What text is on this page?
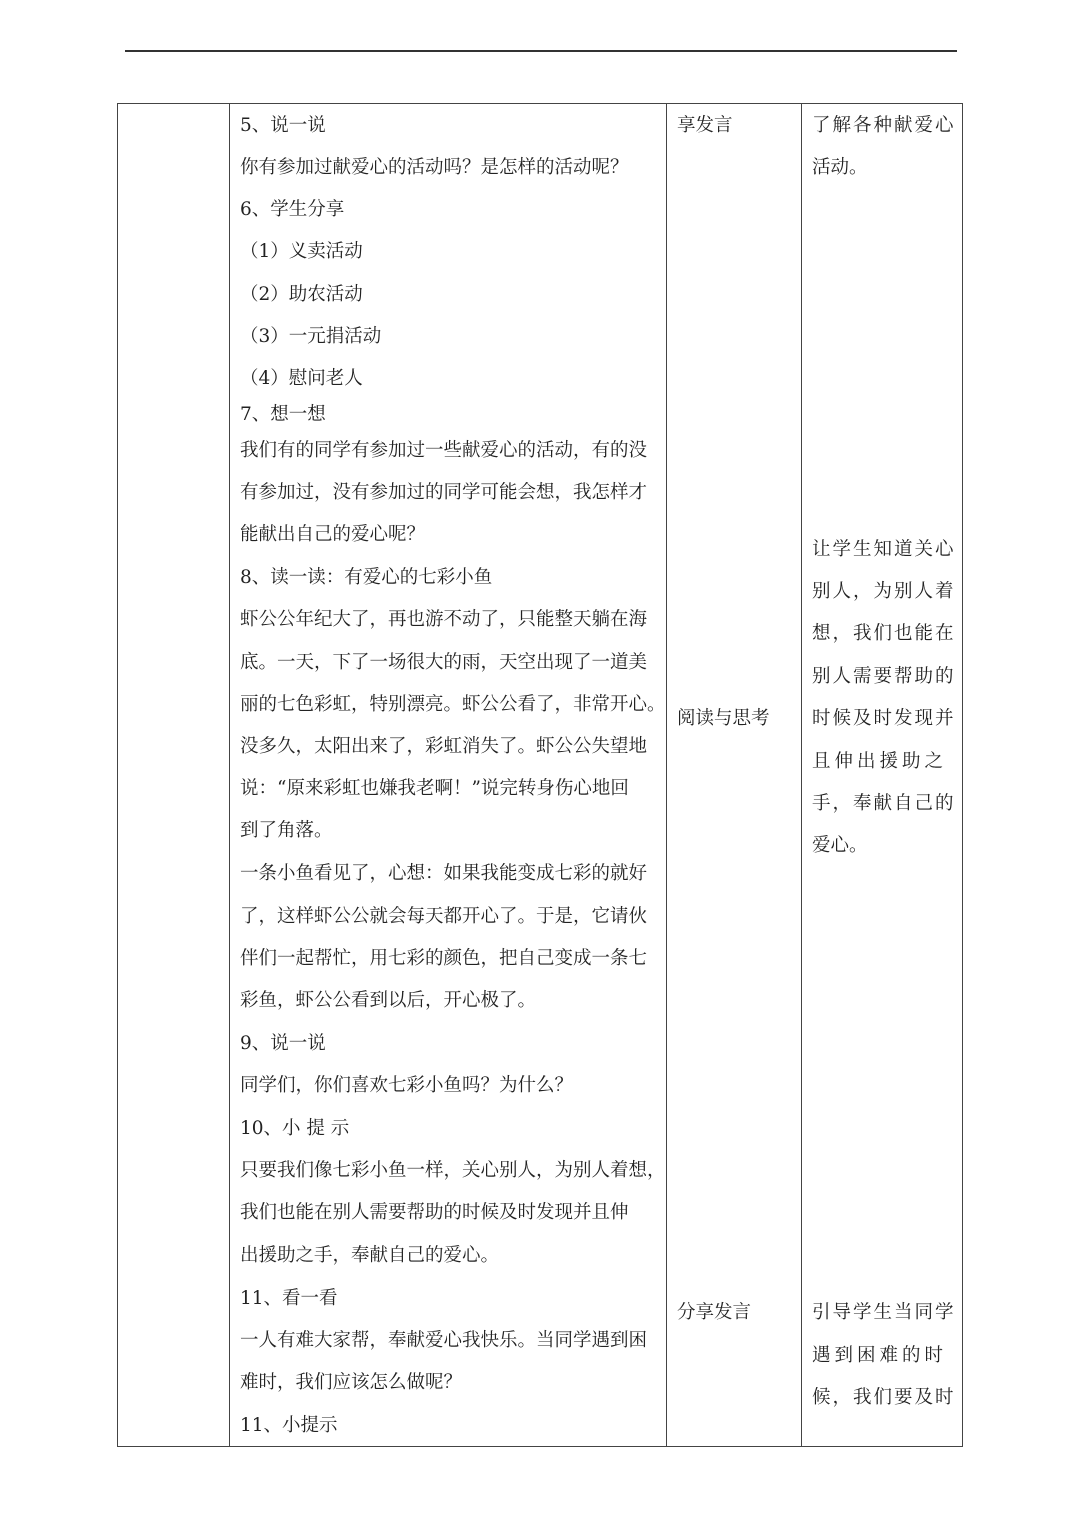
5、说一说
你有参加过献爱心的活动吗？是怎样的活动呢？
6、学生分享
（1）义卖活动
（2）助农活动
（3）一元捐活动
（4）慰问老人
7、想一想
我们有的同学有参加过一些献爱心的活动，有的没
有参加过，没有参加过的同学可能会想，我怎样才
能献出自己的爱心呢？
8、读一读：有爱心的七彩小鱼
虾公公年纪大了，再也游不动了，只能整天躺在海
底。一天，下了一场很大的雨，天空出现了一道美
丽的七色彩虹，特别漂亮。虾公公看了，非常开心。
没多久，太阳出来了，彩虹消失了。虾公公失望地
说：“原来彩虹也嫌我老啊！”说完转身伤心地回
到了角落。
一条小鱼看见了，心想：如果我能变成七彩的就好
了，这样虾公公就会每天都开心了。于是，它请伙
伴们一起帮忙，用七彩的颜色，把自己变成一条七
彩鱼，虾公公看到以后，开心极了。
9、说一说
同学们，你们喜欢七彩小鱼吗？为什么？
10、小 提 示
只要我们像七彩小鱼一样，关心别人，为别人着想，
我们也能在别人需要帮助的时候及时发现并且伸
出援助之手，奉献自己的爱心。
11、看一看
一人有难大家帮，奉献爱心我快乐。当同学遇到困
难时，我们应该怎么做呢？
11、小提示
享发言
阅读与思考
分享发言
了解各种献爱心
活动。
让学生知道关心
别人，为别人着
想，我们也能在
别人需要帮助的
时候及时发现并
且伸出援助之
手，奉献自己的
爱心。
引导学生当同学
遇到困难的时
候，我们要及时
